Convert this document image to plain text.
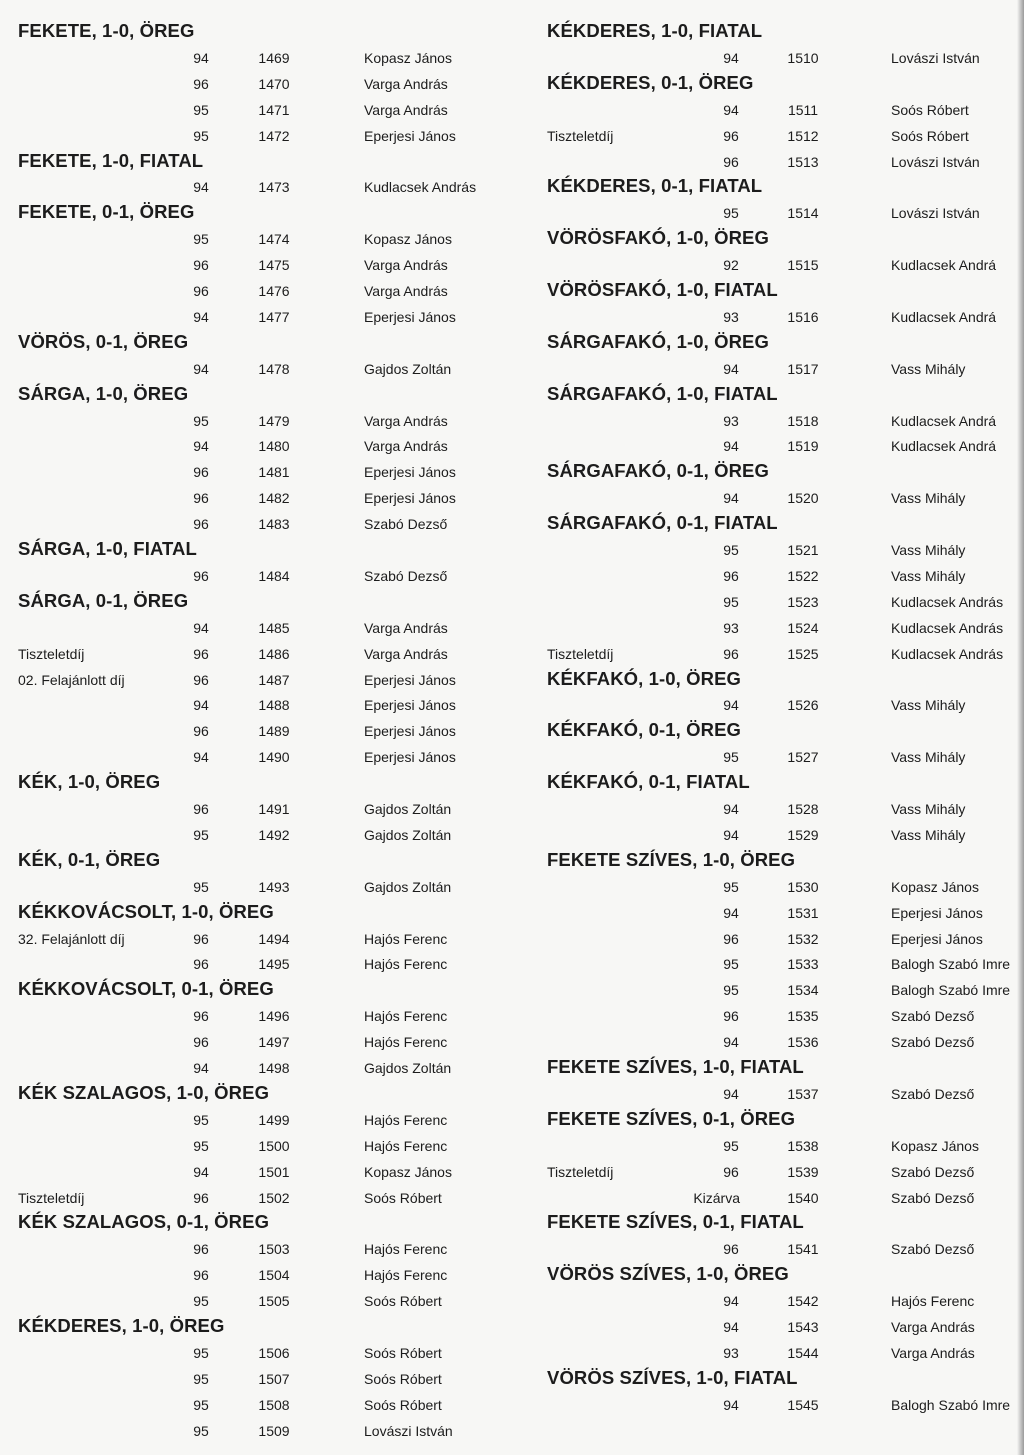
FEKETE, 1-0, ÖREG
94	1469	Kopasz János
96	1470	Varga András
95	1471	Varga András
95	1472	Eperjesi János
FEKETE, 1-0, FIATAL
94	1473	Kudlacsek András
FEKETE, 0-1, ÖREG
95	1474	Kopasz János
96	1475	Varga András
96	1476	Varga András
94	1477	Eperjesi János
VÖRÖS, 0-1, ÖREG
94	1478	Gajdos Zoltán
SÁRGA, 1-0, ÖREG
95	1479	Varga András
94	1480	Varga András
96	1481	Eperjesi János
96	1482	Eperjesi János
96	1483	Szabó Dezső
SÁRGA, 1-0, FIATAL
96	1484	Szabó Dezső
SÁRGA, 0-1, ÖREG
94	1485	Varga András
Tiszteletdíj	96	1486	Varga András
02. Felajánlott díj	96	1487	Eperjesi János
94	1488	Eperjesi János
96	1489	Eperjesi János
94	1490	Eperjesi János
KÉK, 1-0, ÖREG
96	1491	Gajdos Zoltán
95	1492	Gajdos Zoltán
KÉK, 0-1, ÖREG
95	1493	Gajdos Zoltán
KÉKKOVÁCSOLT, 1-0, ÖREG
32. Felajánlott díj	96	1494	Hajós Ferenc
96	1495	Hajós Ferenc
KÉKKOVÁCSOLT, 0-1, ÖREG
96	1496	Hajós Ferenc
96	1497	Hajós Ferenc
94	1498	Gajdos Zoltán
KÉK SZALAGOS, 1-0, ÖREG
95	1499	Hajós Ferenc
95	1500	Hajós Ferenc
94	1501	Kopasz János
Tiszteletdíj	96	1502	Soós Róbert
KÉK SZALAGOS, 0-1, ÖREG
96	1503	Hajós Ferenc
96	1504	Hajós Ferenc
95	1505	Soós Róbert
KÉKDERES, 1-0, ÖREG
95	1506	Soós Róbert
95	1507	Soós Róbert
95	1508	Soós Róbert
95	1509	Lovászi István
KÉKDERES, 1-0, FIATAL
94	1510	Lovászi István
KÉKDERES, 0-1, ÖREG
94	1511	Soós Róbert
Tiszteletdíj	96	1512	Soós Róbert
96	1513	Lovászi István
KÉKDERES, 0-1, FIATAL
95	1514	Lovászi István
VÖRÖSFAKÓ, 1-0, ÖREG
92	1515	Kudlacsek Andrá
VÖRÖSFAKÓ, 1-0, FIATAL
93	1516	Kudlacsek Andrá
SÁRGAFAKÓ, 1-0, ÖREG
94	1517	Vass Mihály
SÁRGAFAKÓ, 1-0, FIATAL
93	1518	Kudlacsek Andrá
94	1519	Kudlacsek Andrá
SÁRGAFAKÓ, 0-1, ÖREG
94	1520	Vass Mihály
SÁRGAFAKÓ, 0-1, FIATAL
95	1521	Vass Mihály
96	1522	Vass Mihály
95	1523	Kudlacsek András
93	1524	Kudlacsek András
Tiszteletdíj	96	1525	Kudlacsek András
KÉKFAKÓ, 1-0, ÖREG
94	1526	Vass Mihály
KÉKFAKÓ, 0-1, ÖREG
95	1527	Vass Mihály
KÉKFAKÓ, 0-1, FIATAL
94	1528	Vass Mihály
94	1529	Vass Mihály
FEKETE SZÍVES, 1-0, ÖREG
95	1530	Kopasz János
94	1531	Eperjesi János
96	1532	Eperjesi János
95	1533	Balogh Szabó Imre
95	1534	Balogh Szabó Imre
96	1535	Szabó Dezső
94	1536	Szabó Dezső
FEKETE SZÍVES, 1-0, FIATAL
94	1537	Szabó Dezső
FEKETE SZÍVES, 0-1, ÖREG
95	1538	Kopasz János
Tiszteletdíj	96	1539	Szabó Dezső
Kizárva	1540	Szabó Dezső
FEKETE SZÍVES, 0-1, FIATAL
96	1541	Szabó Dezső
VÖRÖS SZÍVES, 1-0, ÖREG
94	1542	Hajós Ferenc
94	1543	Varga András
93	1544	Varga András
VÖRÖS SZÍVES, 1-0, FIATAL
94	1545	Balogh Szabó Imre
